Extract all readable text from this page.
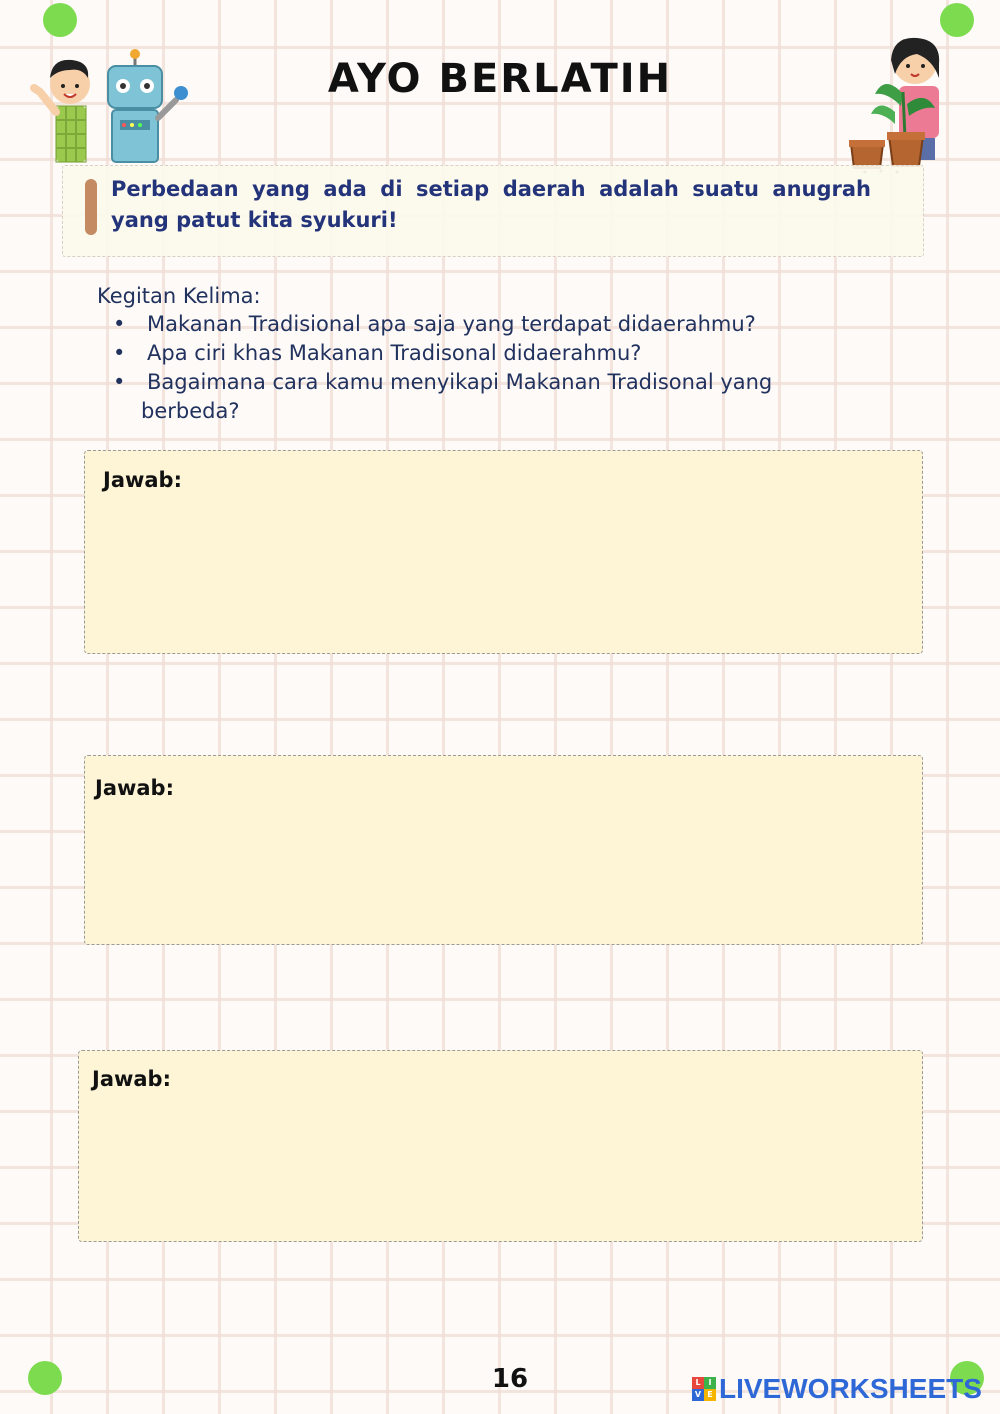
AYO BERLATIH
Perbedaan yang ada di setiap daerah adalah suatu anugrah yang patut kita syukuri!
Kegitan Kelima:
• Makanan Tradisional apa saja yang terdapat didaerahmu?
• Apa ciri khas Makanan Tradisonal didaerahmu?
• Bagaimana cara kamu menyikapi Makanan Tradisonal yang berbeda?
Jawab:
Jawab:
Jawab:
16	L I
V E LIVEWORKSHEETS
